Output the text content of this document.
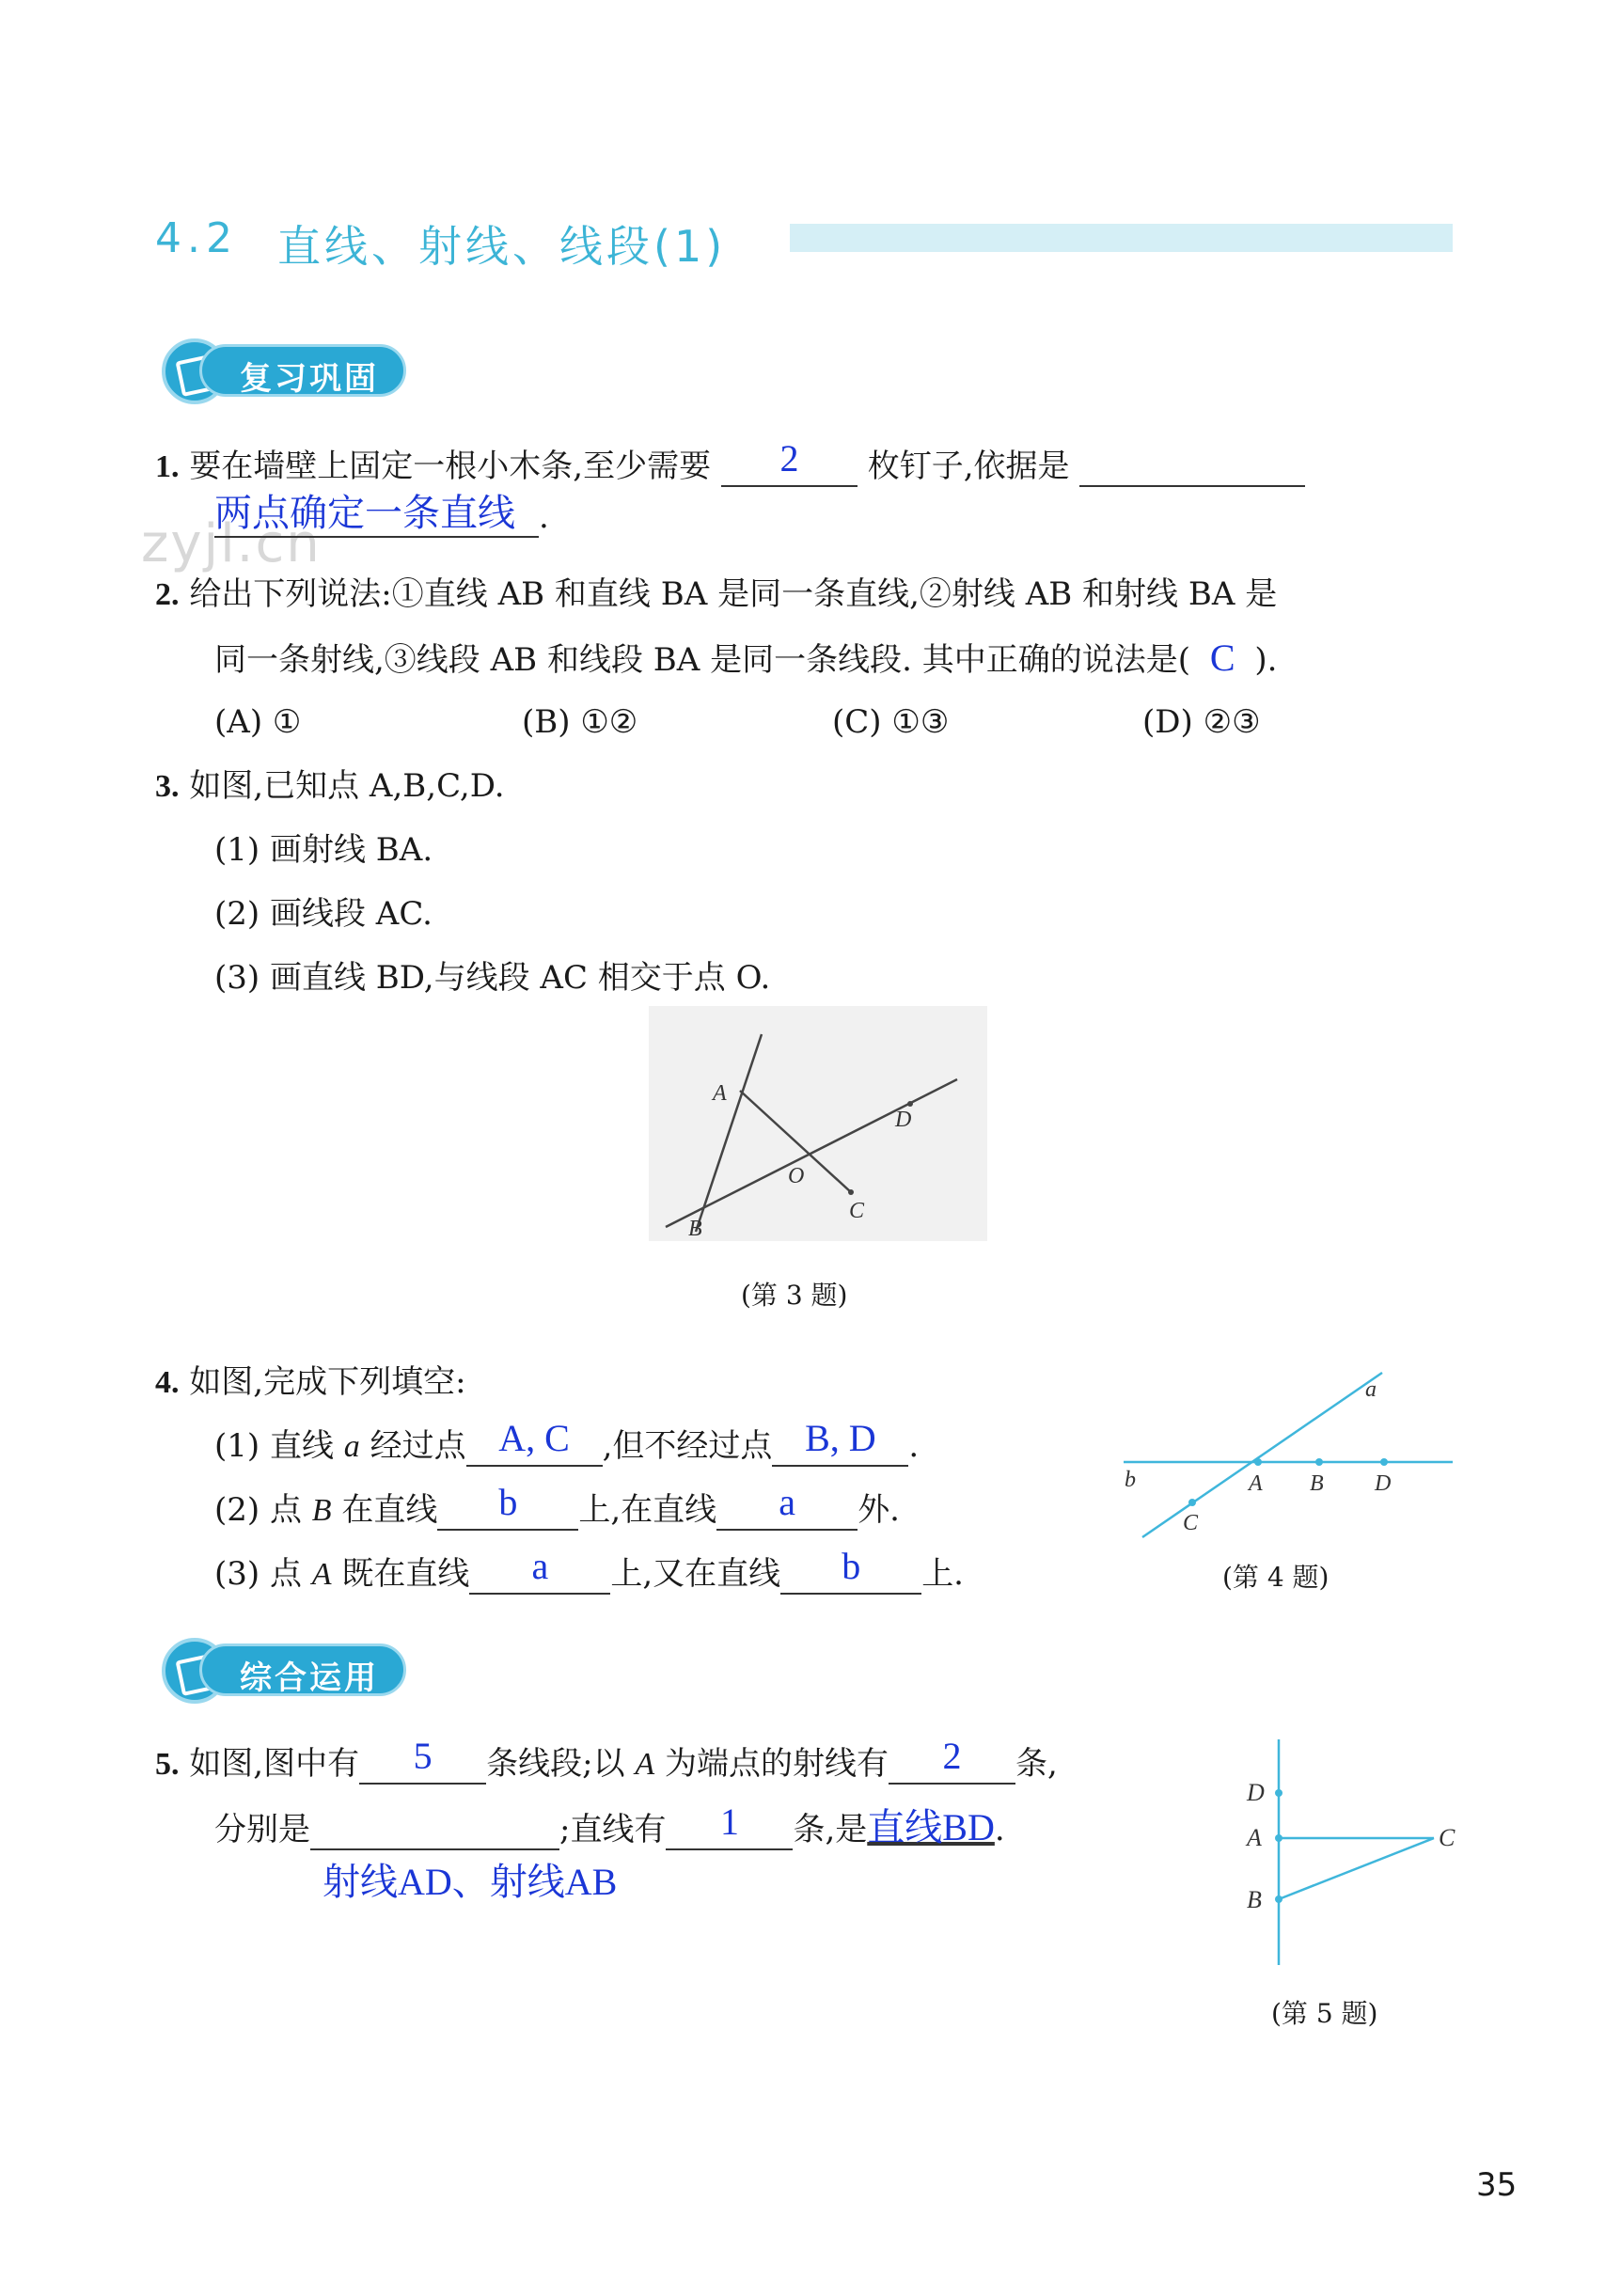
4.2 直线、射线、线段(1)
复习巩固
zyjl.cn
1. 要在墙壁上固定一根小木条,至少需要	2	枚钉子,依据是
两点确定一条直线 .
2. 给出下列说法:①直线 AB 和直线 BA 是同一条直线,②射线 AB 和射线 BA 是
同一条射线,③线段 AB 和线段 BA 是同一条线段. 其中正确的说法是( C ).
(A) ①	(B) ①②	(C) ①③	(D) ②③
3. 如图,已知点 A,B,C,D.
(1) 画射线 BA.
(2) 画线段 AC.
(3) 画直线 BD,与线段 AC 相交于点 O.
A
B
C
D
O
(第 3 题)
4. 如图,完成下列填空:
(1) 直线 a 经过点 A, C	,但不经过点 B, D	.
(2) 点 B 在直线	b	上,在直线	a	外.
(3) 点 A 既在直线	a	上,又在直线	b	上.
a
b	A B D
C
(第 4 题)
综合运用
5. 如图,图中有	5	条线段;以 A 为端点的射线有	2	条,
分别是	;直线有	1	条,是直线BD.
射线AD、射线AB
D
A
B
C
(第 5 题)
35
